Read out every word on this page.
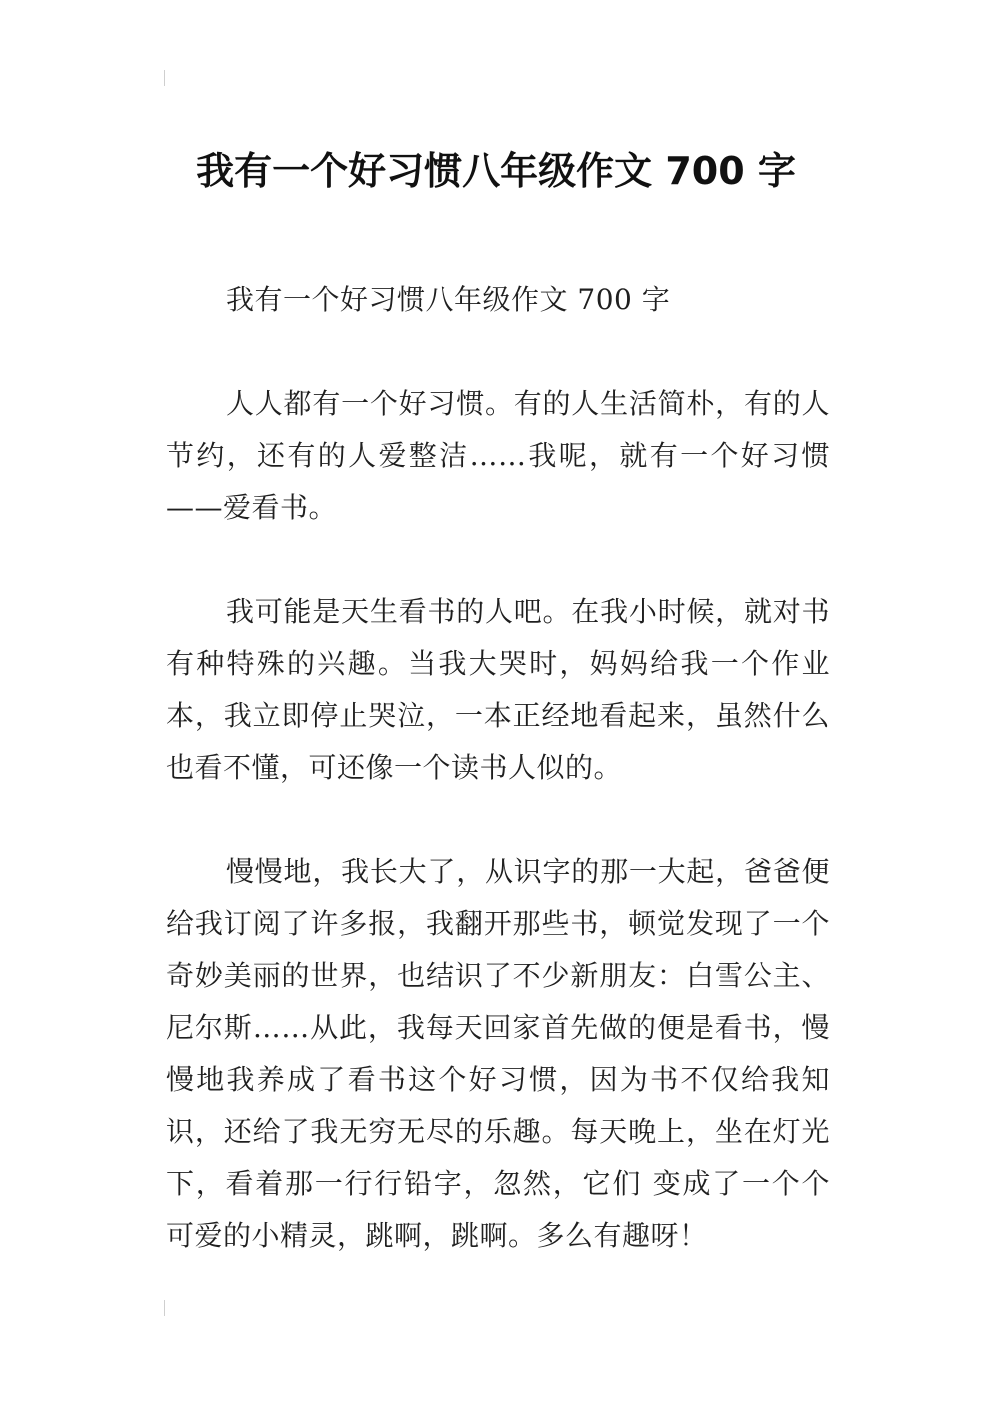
我有一个好习惯八年级作文 700 字

我有一个好习惯八年级作文 700 字

人人都有一个好习惯。有的人生活简朴，有的人节约，还有的人爱整洁……我呢，就有一个好习惯——爱看书。

我可能是天生看书的人吧。在我小时候，就对书有种特殊的兴趣。当我大哭时，妈妈给我一个作业本，我立即停止哭泣，一本正经地看起来，虽然什么也看不懂，可还像一个读书人似的。

慢慢地，我长大了，从识字的那一大起，爸爸便给我订阅了许多报，我翻开那些书，顿觉发现了一个奇妙美丽的世界，也结识了不少新朋友：白雪公主、尼尔斯……从此，我每天回家首先做的便是看书，慢慢地我养成了看书这个好习惯，因为书不仅给我知识，还给了我无穷无尽的乐趣。每天晚上，坐在灯光下，看着那一行行铅字，忽然，它们 变成了一个个可爱的小精灵，跳啊，跳啊。多么有趣呀！
